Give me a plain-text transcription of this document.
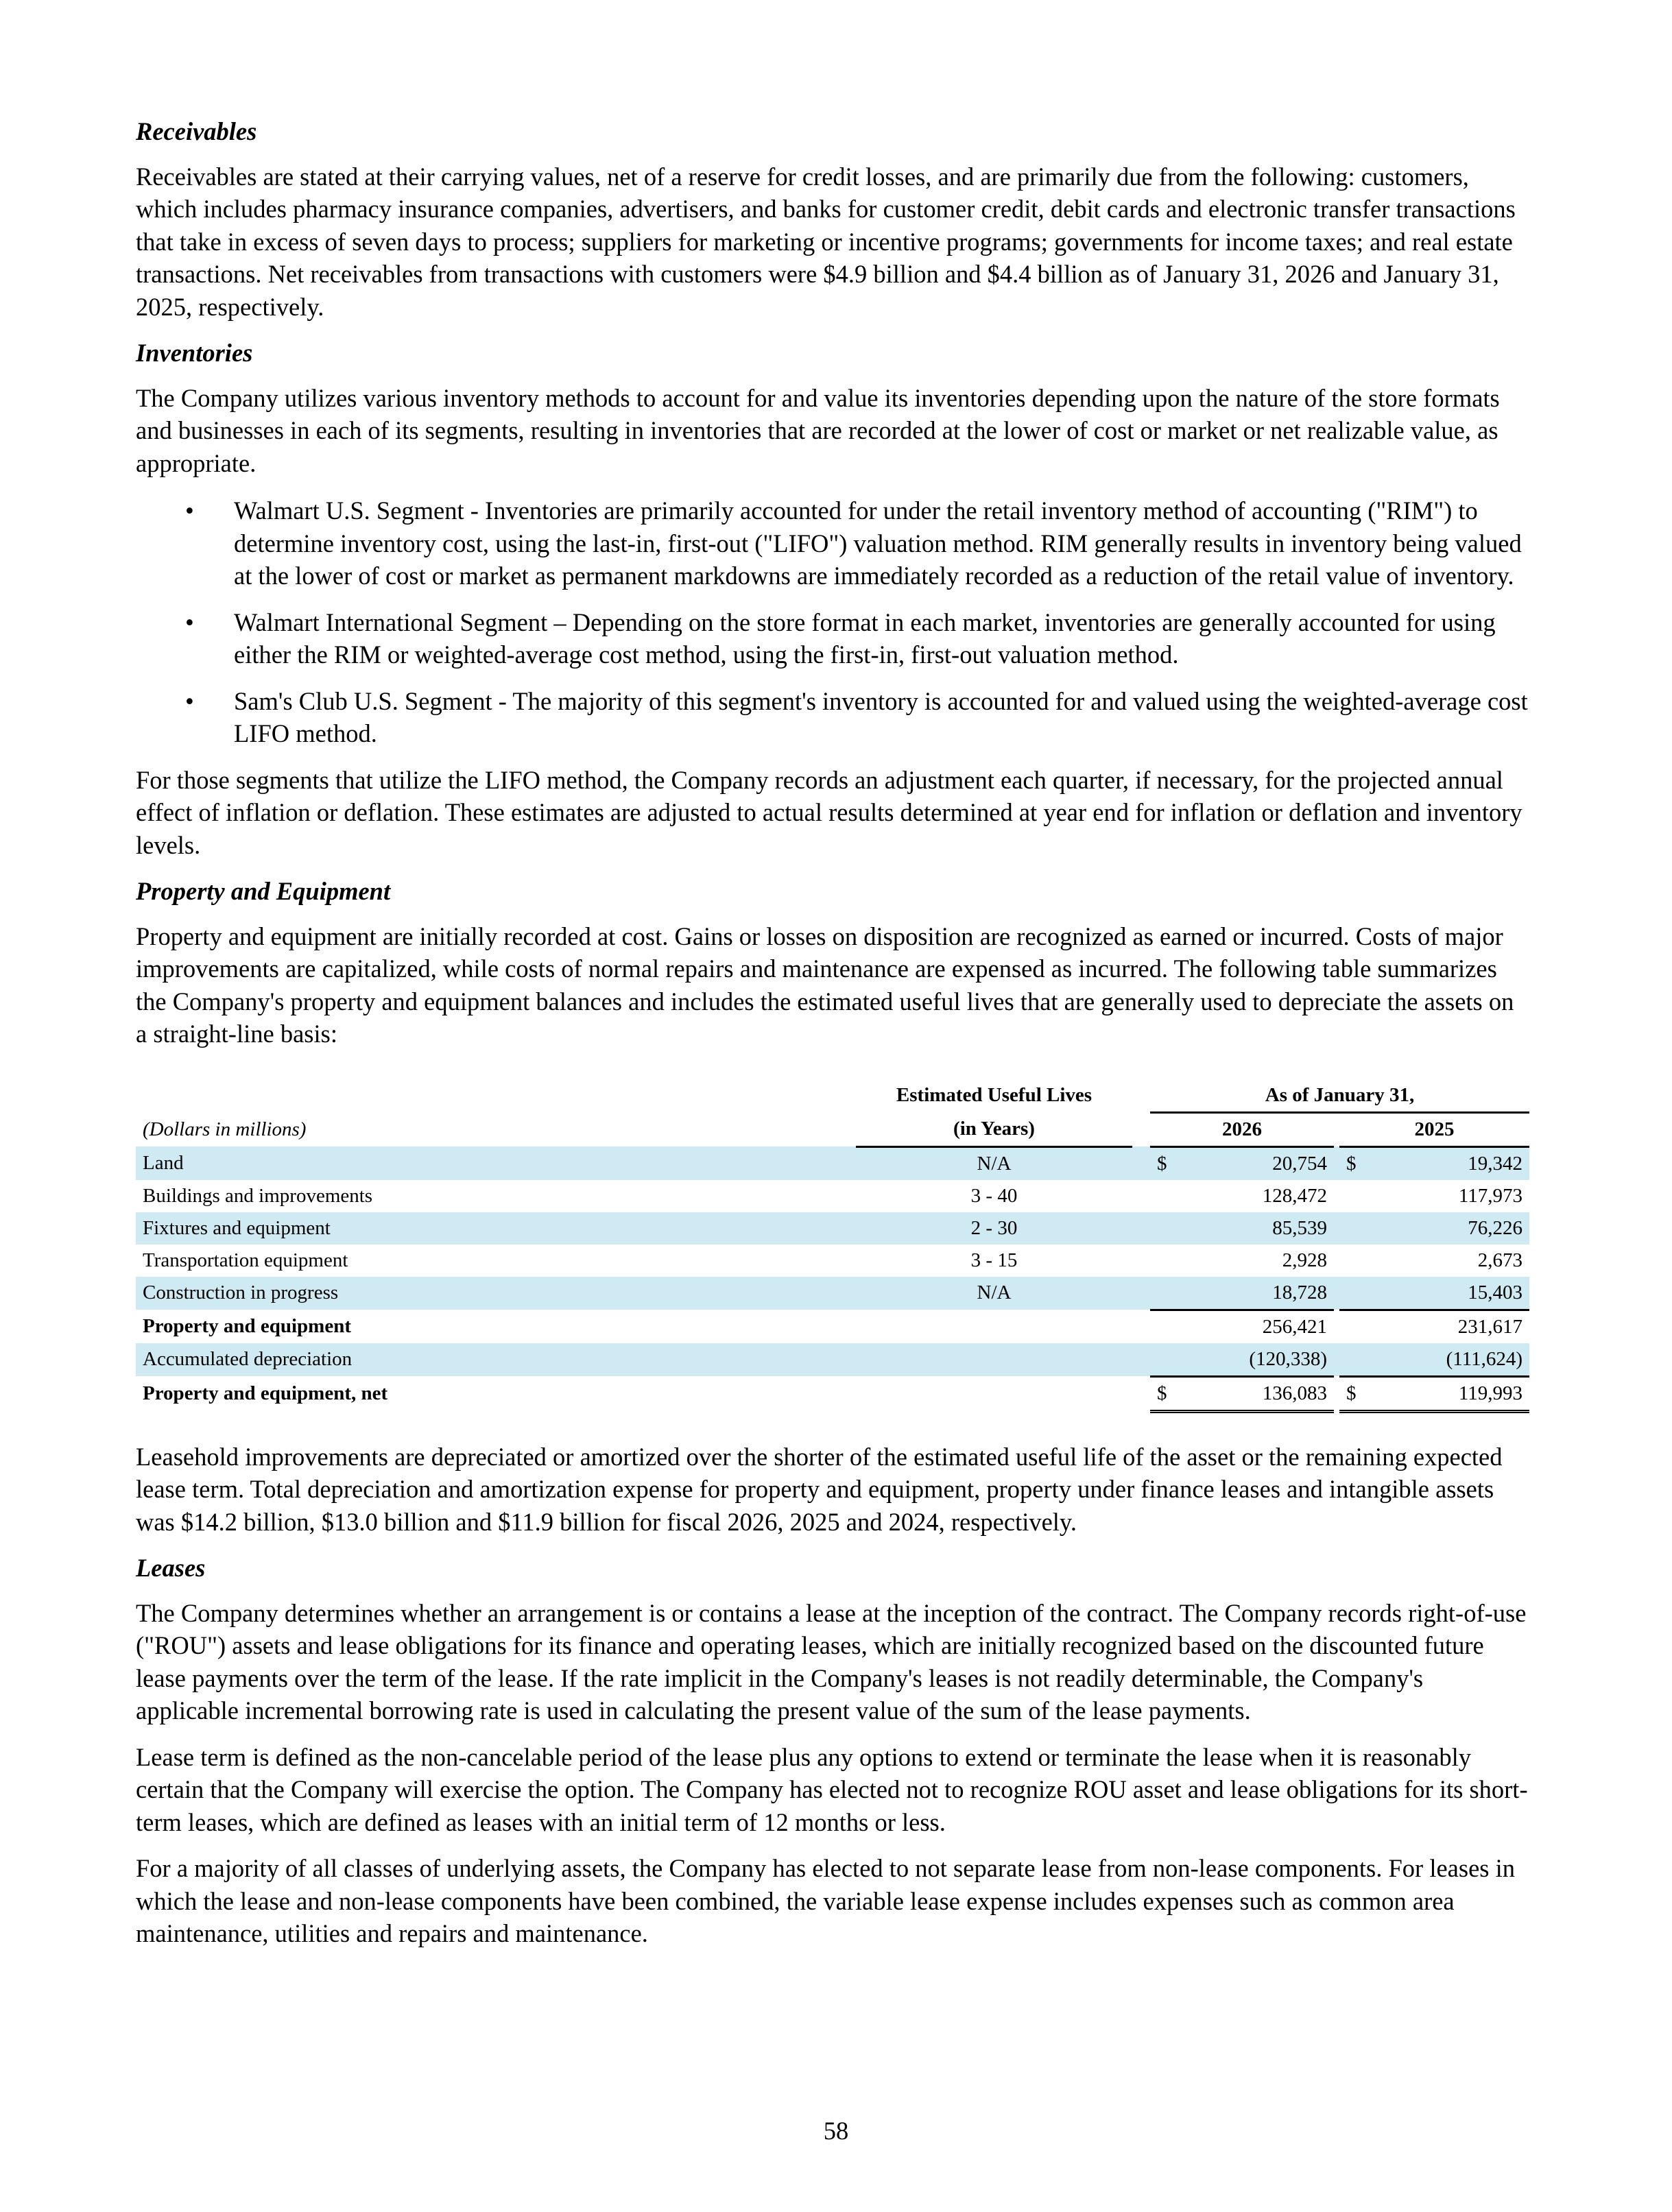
Receivables

Receivables are stated at their carrying values, net of a reserve for credit losses, and are primarily due from the following: customers, which includes pharmacy insurance companies, advertisers, and banks for customer credit, debit cards and electronic transfer transactions that take in excess of seven days to process; suppliers for marketing or incentive programs; governments for income taxes; and real estate transactions. Net receivables from transactions with customers were $4.9 billion and $4.4 billion as of January 31, 2026 and January 31, 2025, respectively.

Inventories

The Company utilizes various inventory methods to account for and value its inventories depending upon the nature of the store formats and businesses in each of its segments, resulting in inventories that are recorded at the lower of cost or market or net realizable value, as appropriate.

• Walmart U.S. Segment - Inventories are primarily accounted for under the retail inventory method of accounting ("RIM") to determine inventory cost, using the last-in, first-out ("LIFO") valuation method. RIM generally results in inventory being valued at the lower of cost or market as permanent markdowns are immediately recorded as a reduction of the retail value of inventory.
• Walmart International Segment – Depending on the store format in each market, inventories are generally accounted for using either the RIM or weighted-average cost method, using the first-in, first-out valuation method.
• Sam's Club U.S. Segment - The majority of this segment's inventory is accounted for and valued using the weighted-average cost LIFO method.

For those segments that utilize the LIFO method, the Company records an adjustment each quarter, if necessary, for the projected annual effect of inflation or deflation. These estimates are adjusted to actual results determined at year end for inflation or deflation and inventory levels.

Property and Equipment

Property and equipment are initially recorded at cost. Gains or losses on disposition are recognized as earned or incurred. Costs of major improvements are capitalized, while costs of normal repairs and maintenance are expensed as incurred. The following table summarizes the Company's property and equipment balances and includes the estimated useful lives that are generally used to depreciate the assets on a straight-line basis:

	Estimated Useful Lives		As of January 31,				
(Dollars in millions)	(in Years)		2026			2025	
Land	N/A		$	20,754		$	19,342
Buildings and improvements	3 - 40			128,472			117,973
Fixtures and equipment	2 - 30			85,539			76,226
Transportation equipment	3 - 15			2,928			2,673
Construction in progress	N/A			18,728			15,403
Property and equipment				256,421			231,617
Accumulated depreciation				(120,338)			(111,624)
Property and equipment, net			$	136,083		$	119,993

Leasehold improvements are depreciated or amortized over the shorter of the estimated useful life of the asset or the remaining expected lease term. Total depreciation and amortization expense for property and equipment, property under finance leases and intangible assets was $14.2 billion, $13.0 billion and $11.9 billion for fiscal 2026, 2025 and 2024, respectively.

Leases

The Company determines whether an arrangement is or contains a lease at the inception of the contract. The Company records right-of-use ("ROU") assets and lease obligations for its finance and operating leases, which are initially recognized based on the discounted future lease payments over the term of the lease. If the rate implicit in the Company's leases is not readily determinable, the Company's applicable incremental borrowing rate is used in calculating the present value of the sum of the lease payments.

Lease term is defined as the non-cancelable period of the lease plus any options to extend or terminate the lease when it is reasonably certain that the Company will exercise the option. The Company has elected not to recognize ROU asset and lease obligations for its short-term leases, which are defined as leases with an initial term of 12 months or less.

For a majority of all classes of underlying assets, the Company has elected to not separate lease from non-lease components. For leases in which the lease and non-lease components have been combined, the variable lease expense includes expenses such as common area maintenance, utilities and repairs and maintenance.

58
